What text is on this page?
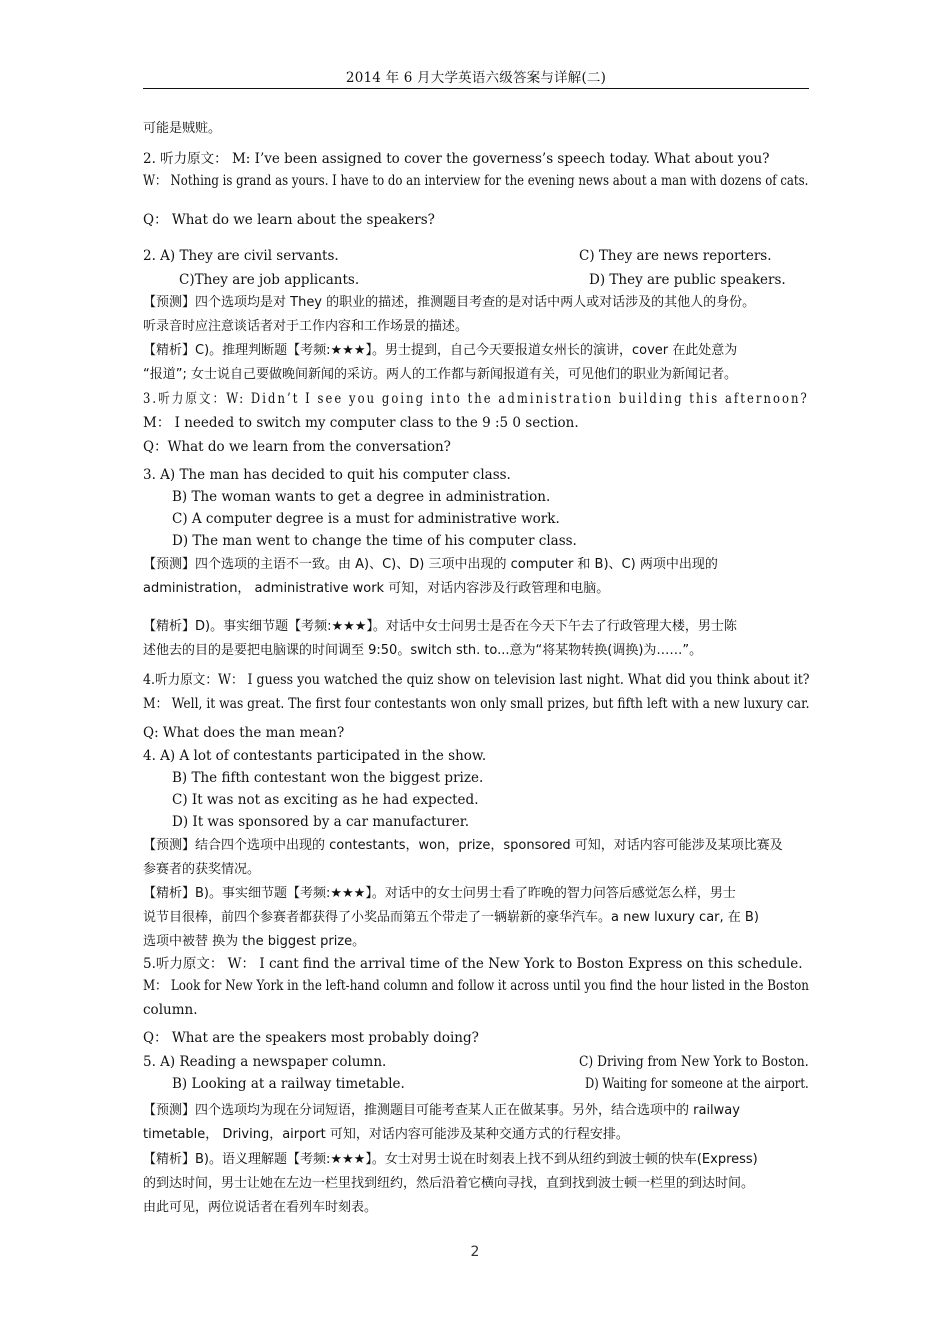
2014 年 6 月大学英语六级答案与详解(二)
可能是贼赃。
2. 听力原文： M: I’ve been assigned to cover the governess’s speech today. What about you?
W： Nothing is grand as yours. I have to do an interview for the evening news about a man with dozens of cats.
Q： What do we learn about the speakers?
2. A) They are civil servants.	C) They are news reporters.
C)They are job applicants.	D) They are public speakers.
【预测】四个选项均是对 They 的职业的描述，推测题目考查的是对话中两人或对话涉及的其他人的身份。
听录音时应注意谈话者对于工作内容和工作场景的描述。
【精析】C)。推理判断题【考频:★★★】。男士提到，自己今天要报道女州长的演讲，cover 在此处意为
“报道”; 女士说自己要做晚间新闻的采访。两人的工作都与新闻报道有关，可见他们的职业为新闻记者。
3.听力原文：W: Didn’t I see you going into the administration building this afternoon?
M： I needed to switch my computer class to the 9 :5 0 section.
Q：What do we learn from the conversation?
3. A) The man has decided to quit his computer class.
B) The woman wants to get a degree in administration.
C) A computer degree is a must for administrative work.
D) The man went to change the time of his computer class.
【预测】四个选项的主语不一致。由 A)、C)、D) 三项中出现的 computer 和 B)、C) 两项中出现的
administration， administrative work 可知，对话内容涉及行政管理和电脑。
【精析】D)。事实细节题【考频:★★★】。对话中女士问男士是否在今天下午去了行政管理大楼，男士陈
述他去的目的是要把电脑课的时间调至 9:50。switch sth. to...意为“将某物转换(调换)为……”。
4.听力原文：W： I guess you watched the quiz show on television last night. What did you think about it?
M： Well, it was great. The first four contestants won only small prizes, but fifth left with a new luxury car.
Q: What does the man mean?
4. A) A lot of contestants participated in the show.
B) The fifth contestant won the biggest prize.
C) It was not as exciting as he had expected.
D) It was sponsored by a car manufacturer.
【预测】结合四个选项中出现的 contestants，won，prize，sponsored 可知，对话内容可能涉及某项比赛及
参赛者的获奖情况。
【精析】B)。事实细节题【考频:★★★】。对话中的女士问男士看了昨晚的智力问答后感觉怎么样，男士
说节目很棒，前四个参赛者都获得了小奖品而第五个带走了一辆崭新的豪华汽车。a new luxury car, 在 B)
选项中被替 换为 the biggest prize。
5.听力原文： W： I cant find the arrival time of the New York to Boston Express on this schedule.
M： Look for New York in the left-hand column and follow it across until you find the hour listed in the Boston
column.
Q： What are the speakers most probably doing?
5. A) Reading a newspaper column.	C) Driving from New York to Boston.
B) Looking at a railway timetable.	D) Waiting for someone at the airport.
【预测】四个选项均为现在分词短语，推测题目可能考查某人正在做某事。另外，结合选项中的 railway
timetable， Driving，airport 可知，对话内容可能涉及某种交通方式的行程安排。
【精析】B)。语义理解题【考频:★★★】。女士对男士说在时刻表上找不到从纽约到波士顿的快车(Express)
的到达时间，男士让她在左边一栏里找到纽约，然后沿着它横向寻找，直到找到波士顿一栏里的到达时间。
由此可见，两位说话者在看列车时刻表。
2
